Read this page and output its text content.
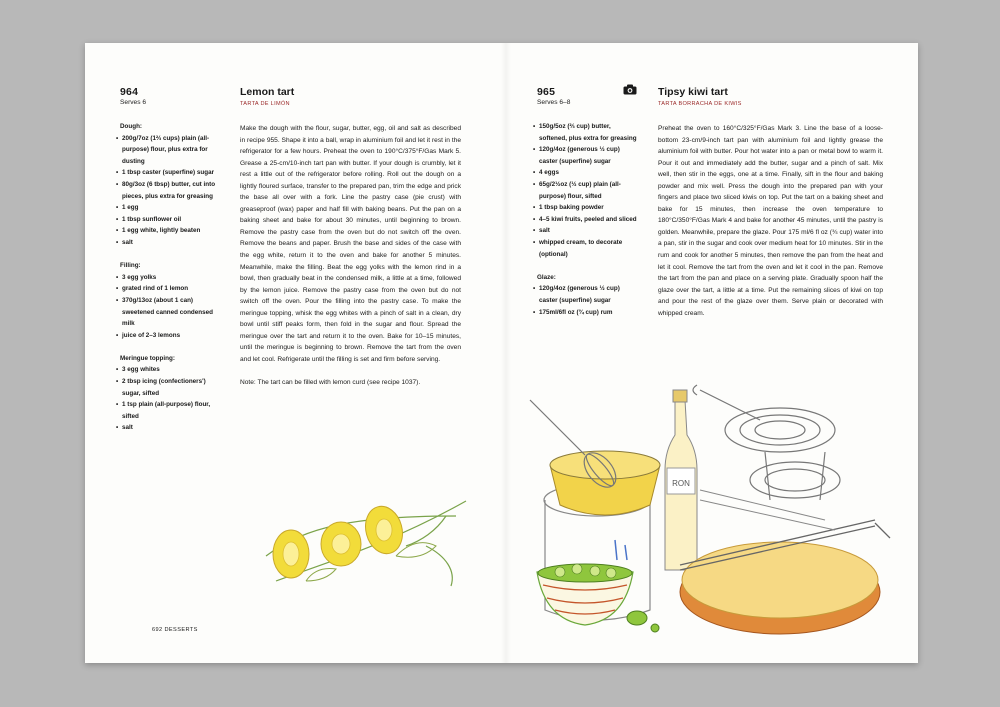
964
Serves 6
Lemon tart
TARTA DE LIMÓN
Dough:
• 200g/7oz (1⅔ cups) plain (all-purpose) flour, plus extra for dusting
• 1 tbsp caster (superfine) sugar
• 80g/3oz (6 tbsp) butter, cut into pieces, plus extra for greasing
• 1 egg
• 1 tbsp sunflower oil
• 1 egg white, lightly beaten
• salt
Filling:
• 3 egg yolks
• grated rind of 1 lemon
• 370g/13oz (about 1 can) sweetened canned condensed milk
• juice of 2–3 lemons
Meringue topping:
• 3 egg whites
• 2 tbsp icing (confectioners') sugar, sifted
• 1 tsp plain (all-purpose) flour, sifted
• salt

Make the dough with the flour, sugar, butter, egg, oil and salt as described in recipe 955. Shape it into a ball, wrap in aluminium foil and let it rest in the refrigerator for a few hours. Preheat the oven to 190°C/375°F/Gas Mark 5. Grease a 25-cm/10-inch tart pan with butter. If your dough is crumbly, let it rest a little out of the refrigerator before rolling. Roll out the dough on a lightly floured surface, transfer to the prepared pan, trim the edge and prick the base all over with a fork. Line the pastry case (pie crust) with greaseproof (wax) paper and half fill with baking beans. Put the pan on a baking sheet and bake for about 30 minutes, until beginning to brown. Remove the pastry case from the oven but do not switch off the oven. Remove the beans and paper. Brush the base and sides of the case with the egg white, return it to the oven and bake for another 5 minutes. Meanwhile, make the filling. Beat the egg yolks with the lemon rind in a bowl, then gradually beat in the condensed milk, a little at a time, followed by the lemon juice. Remove the pastry case from the oven but do not switch off the oven. Pour the filling into the pastry case. To make the meringue topping, whisk the egg whites with a pinch of salt in a clean, dry bowl until stiff peaks form, then fold in the sugar and flour. Spread the meringue over the tart and return it to the oven. Bake for 10–15 minutes, until the meringue is beginning to brown. Remove the tart from the oven and let cool. Refrigerate until the filling is set and firm before serving.

Note: The tart can be filled with lemon curd (see recipe 1037).

692 DESSERTS
965
Serves 6–8
Tipsy kiwi tart
TARTA BORRACHA DE KIWIS
• 150g/5oz (⅔ cup) butter, softened, plus extra for greasing
• 120g/4oz (generous ½ cup) caster (superfine) sugar
• 4 eggs
• 65g/2½oz (½ cup) plain (all-purpose) flour, sifted
• 1 tbsp baking powder
• 4–5 kiwi fruits, peeled and sliced
• salt
• whipped cream, to decorate (optional)
Glaze:
• 120g/4oz (generous ½ cup) caster (superfine) sugar
• 175ml/6fl oz (¾ cup) rum

Preheat the oven to 160°C/325°F/Gas Mark 3. Line the base of a loose-bottom 23-cm/9-inch tart pan with aluminium foil and lightly grease the aluminium foil with butter. Pour hot water into a pan or metal bowl to warm it. Pour it out and immediately add the butter, sugar and a pinch of salt. Mix well, then stir in the eggs, one at a time. Finally, sift in the flour and baking powder and mix well. Press the dough into the prepared pan with your fingers and place two sliced kiwis on top. Put the tart on a baking sheet and bake for 15 minutes, then increase the oven temperature to 180°C/350°F/Gas Mark 4 and bake for another 45 minutes, until the pastry is golden. Meanwhile, prepare the glaze. Pour 175 ml/6 fl oz (¾ cup) water into a pan, stir in the sugar and cook over medium heat for 10 minutes. Stir in the rum and cook for another 5 minutes, then remove the pan from the heat and let it cool. Remove the tart from the oven and let it cool in the pan. Remove the tart from the pan and place on a serving plate. Gradually spoon half the glaze over the tart, a little at a time. Put the remaining slices of kiwi on top and pour the rest of the glaze over them. Serve plain or decorated with whipped cream.

RON
